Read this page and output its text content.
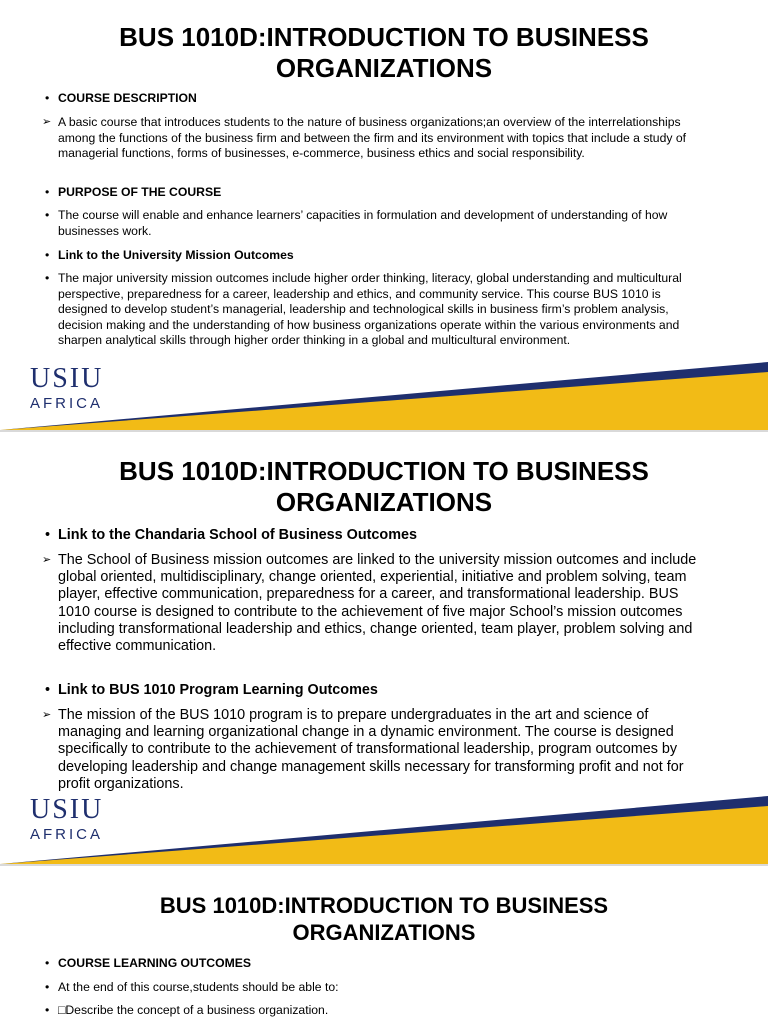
BUS 1010D:INTRODUCTION TO BUSINESS
ORGANIZATIONS
• COURSE DESCRIPTION
➢ A basic course that introduces students to the nature of business organizations;an overview of the interrelationships among the functions of the business firm and between the firm and its environment with topics that include a study of managerial functions, forms of businesses, e-commerce, business ethics and social responsibility.
• PURPOSE OF THE COURSE
• The course will enable and enhance learners’ capacities in formulation and development of understanding of how businesses work.
• Link to the University Mission Outcomes
• The major university mission outcomes include higher order thinking, literacy, global understanding and multicultural perspective, preparedness for a career, leadership and ethics, and community service. This course BUS 1010 is designed to develop student’s managerial, leadership and technological skills in business firm’s problem analysis, decision making and the understanding of how business organizations operate within the various environments and sharpen analytical skills through higher order thinking in a global and multicultural environment.
USIU
AFRICA
BUS 1010D:INTRODUCTION TO BUSINESS
ORGANIZATIONS
• Link to the Chandaria School of Business Outcomes
➢ The School of Business mission outcomes are linked to the university mission outcomes and include global oriented, multidisciplinary, change oriented, experiential, initiative and problem solving, team player, effective communication, preparedness for a career, and transformational leadership. BUS 1010 course is designed to contribute to the achievement of five major School’s mission outcomes including transformational leadership and ethics, change oriented, team player, problem solving and effective communication.
• Link to BUS 1010 Program Learning Outcomes
➢ The mission of the BUS 1010 program is to prepare undergraduates in the art and science of managing and learning organizational change in a dynamic environment. The course is designed specifically to contribute to the achievement of transformational leadership, program outcomes by developing leadership and change management skills necessary for transforming profit and not for profit organizations.
USIU
AFRICA
BUS 1010D:INTRODUCTION TO BUSINESS
ORGANIZATIONS
• COURSE LEARNING OUTCOMES
• At the end of this course,students should be able to:
• □Describe the concept of a business organization.
